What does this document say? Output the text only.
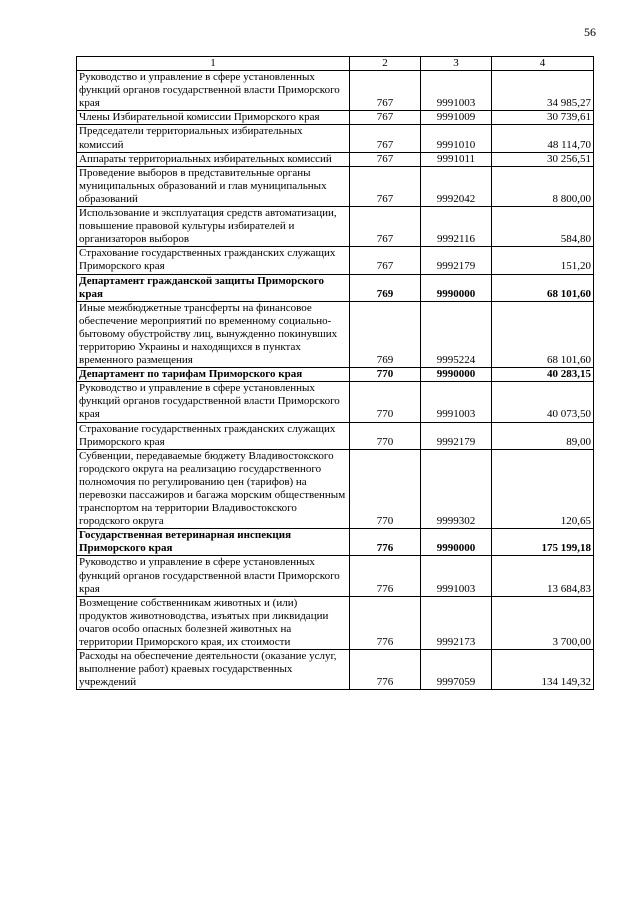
56
1	2	3	4
Руководство и управление в сфере установленных функций органов государственной власти Приморского края	767	9991003	34 985,27
Члены Избирательной комиссии Приморского края	767	9991009	30 739,61
Председатели территориальных избирательных комиссий	767	9991010	48 114,70
Аппараты территориальных избирательных комиссий	767	9991011	30 256,51
Проведение выборов в представительные органы муниципальных образований и глав муниципальных образований	767	9992042	8 800,00
Использование и эксплуатация средств автоматизации, повышение правовой культуры избирателей и организаторов выборов	767	9992116	584,80
Страхование государственных гражданских служащих Приморского края	767	9992179	151,20
Департамент гражданской защиты Приморского края	769	9990000	68 101,60
Иные межбюджетные трансферты на финансовое обеспечение мероприятий по временному социально-бытовому обустройству лиц, вынужденно покинувших территорию Украины и находящихся в пунктах временного размещения	769	9995224	68 101,60
Департамент по тарифам Приморского края	770	9990000	40 283,15
Руководство и управление в сфере установленных функций органов государственной власти Приморского края	770	9991003	40 073,50
Страхование государственных гражданских служащих Приморского края	770	9992179	89,00
Субвенции, передаваемые бюджету Владивостокского городского округа на реализацию государственного полномочия по регулированию цен (тарифов) на перевозки пассажиров и багажа морским общественным транспортом на территории Владивостокского городского округа	770	9999302	120,65
Государственная ветеринарная инспекция Приморского края	776	9990000	175 199,18
Руководство и управление в сфере установленных функций органов государственной власти Приморского края	776	9991003	13 684,83
Возмещение собственникам животных и (или) продуктов животноводства, изъятых при ликвидации очагов особо опасных болезней животных на территории Приморского края, их стоимости	776	9992173	3 700,00
Расходы на обеспечение деятельности (оказание услуг, выполнение работ) краевых государственных учреждений	776	9997059	134 149,32
